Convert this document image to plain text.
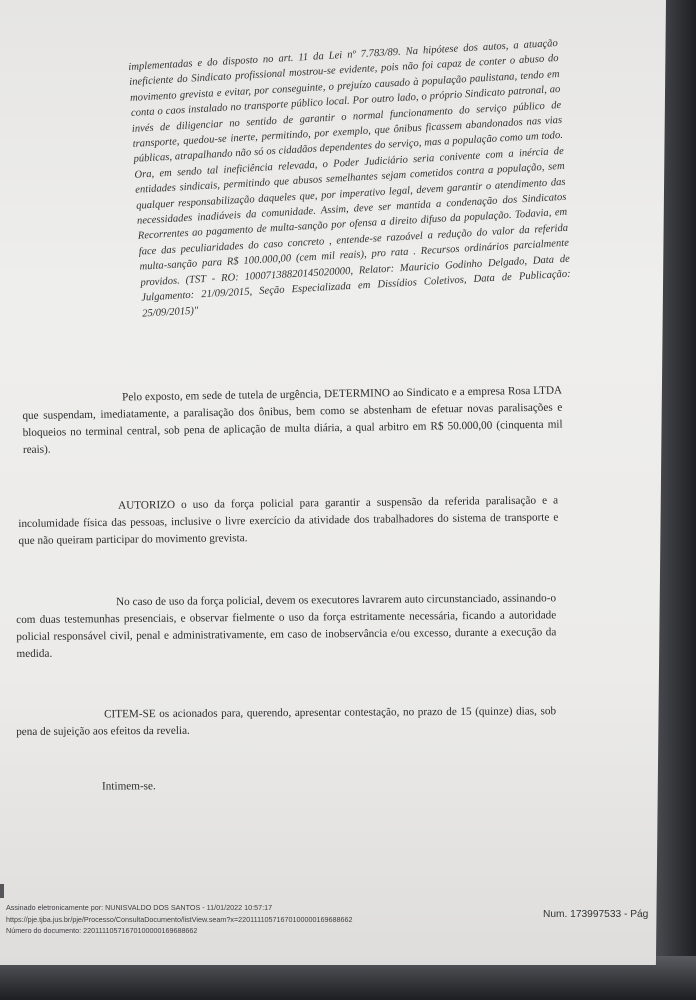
implementadas e do disposto no art. 11 da Lei nº 7.783/89. Na hipótese dos autos, a atuação ineficiente do Sindicato profissional mostrou-se evidente, pois não foi capaz de conter o abuso do movimento grevista e evitar, por conseguinte, o prejuízo causado à população paulistana, tendo em conta o caos instalado no transporte público local. Por outro lado, o próprio Sindicato patronal, ao invés de diligenciar no sentido de garantir o normal funcionamento do serviço público de transporte, quedou-se inerte, permitindo, por exemplo, que ônibus ficassem abandonados nas vias públicas, atrapalhando não só os cidadãos dependentes do serviço, mas a população como um todo. Ora, em sendo tal ineficiência relevada, o Poder Judiciário seria conivente com a inércia de entidades sindicais, permitindo que abusos semelhantes sejam cometidos contra a população, sem qualquer responsabilização daqueles que, por imperativo legal, devem garantir o atendimento das necessidades inadiáveis da comunidade. Assim, deve ser mantida a condenação dos Sindicatos Recorrentes ao pagamento de multa-sanção por ofensa a direito difuso da população. Todavia, em face das peculiaridades do caso concreto , entende-se razoável a redução do valor da referida multa-sanção para R$ 100.000,00 (cem mil reais), pro rata . Recursos ordinários parcialmente providos. (TST - RO: 10007138820145020000, Relator: Mauricio Godinho Delgado, Data de Julgamento: 21/09/2015, Seção Especializada em Dissídios Coletivos, Data de Publicação: 25/09/2015)"
Pelo exposto, em sede de tutela de urgência, DETERMINO ao Sindicato e a empresa Rosa LTDA que suspendam, imediatamente, a paralisação dos ônibus, bem como se abstenham de efetuar novas paralisações e bloqueios no terminal central, sob pena de aplicação de multa diária, a qual arbitro em R$ 50.000,00 (cinquenta mil reais).
AUTORIZO o uso da força policial para garantir a suspensão da referida paralisação e a incolumidade física das pessoas, inclusive o livre exercício da atividade dos trabalhadores do sistema de transporte e que não queiram participar do movimento grevista.
No caso de uso da força policial, devem os executores lavrarem auto circunstanciado, assinando-o com duas testemunhas presenciais, e observar fielmente o uso da força estritamente necessária, ficando a autoridade policial responsável civil, penal e administrativamente, em caso de inobservância e/ou excesso, durante a execução da medida.
CITEM-SE os acionados para, querendo, apresentar contestação, no prazo de 15 (quinze) dias, sob pena de sujeição aos efeitos da revelia.
Intimem-se.
Assinado eletronicamente por: NUNISVALDO DOS SANTOS - 11/01/2022 10:57:17
https://pje.tjba.jus.br/pje/Processo/ConsultaDocumento/listView.seam?x=22011110571670100000169688662
Número do documento: 22011110571670100000169688662
Num. 173997533 - Pág
